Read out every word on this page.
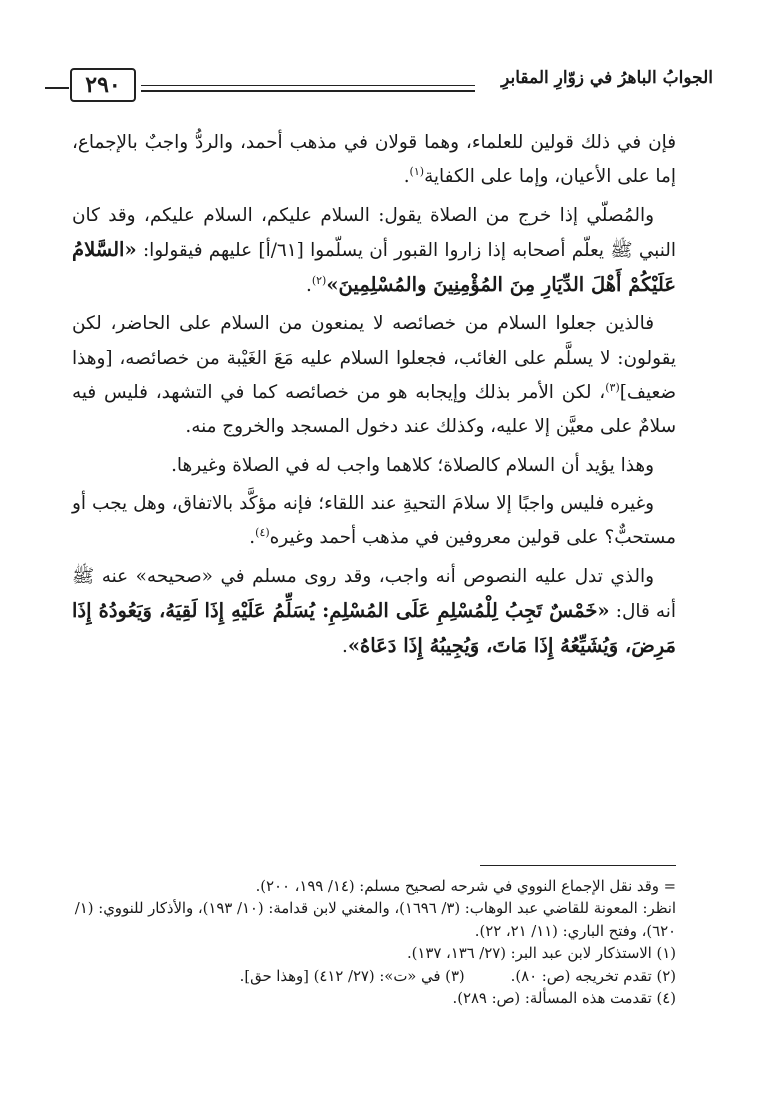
الجوابُ الباهرُ في زوّارِ المقابرِ
٢٩٠

فإن في ذلك قولين للعلماء، وهما قولان في مذهب أحمد، والردُّ واجبٌ بالإجماع، إما على الأعيان، وإما على الكفاية$^{(١)}$.

والمُصلّي إذا خرج من الصلاة يقول: السلام عليكم، السلام عليكم، وقد كان النبي ﷺ يعلّم أصحابه إذا زاروا القبور أن يسلّموا [٦١/أ] عليهم فيقولوا: «السَّلامُ عَلَيْكُمْ أَهْلَ الدِّيَارِ مِنَ المُؤْمِنِينَ والمُسْلِمِينَ»$^{(٢)}$.

فالذين جعلوا السلام من خصائصه لا يمنعون من السلام على الحاضر، لكن يقولون: لا يسلَّم على الغائب، فجعلوا السلام عليه مَعَ الغَيْبة من خصائصه، [وهذا ضعيف]$^{(٣)}$، لكن الأمر بذلك وإيجابه هو من خصائصه كما في التشهد، فليس فيه سلامٌ على معيَّن إلا عليه، وكذلك عند دخول المسجد والخروج منه.

وهذا يؤيد أن السلام كالصلاة؛ كلاهما واجب له في الصلاة وغيرها.

وغيره فليس واجبًا إلا سلامَ التحيةِ عند اللقاء؛ فإنه مؤكَّد بالاتفاق، وهل يجب أو مستحبٌّ؟ على قولين معروفين في مذهب أحمد وغيره$^{(٤)}$.

والذي تدل عليه النصوص أنه واجب، وقد روى مسلم في «صحيحه» عنه ﷺ أنه قال: «خَمْسٌ تَجِبُ لِلْمُسْلِمِ عَلَى المُسْلِمِ: يُسَلِّمُ عَلَيْهِ إِذَا لَقِيَهُ، وَيَعُودُهُ إِذَا مَرِضَ، وَيُشَيِّعُهُ إِذَا مَاتَ، وَيُجِيبُهُ إِذَا دَعَاهُ».

= وقد نقل الإجماع النووي في شرحه لصحيح مسلم: (١٤/ ١٩٩، ٢٠٠).

انظر: المعونة للقاضي عبد الوهاب: (٣/ ١٦٩٦)، والمغني لابن قدامة: (١٠/ ١٩٣)، والأذكار للنووي: (١/ ٦٢٠)، وفتح الباري: (١١/ ٢١، ٢٢).

(١) الاستذكار لابن عبد البر: (٢٧/ ١٣٦، ١٣٧).

(٢) تقدم تخريجه (ص: ٨٠).

(٣) في «ت»: (٢٧/ ٤١٢) [وهذا حق].

(٤) تقدمت هذه المسألة: (ص: ٢٨٩).
